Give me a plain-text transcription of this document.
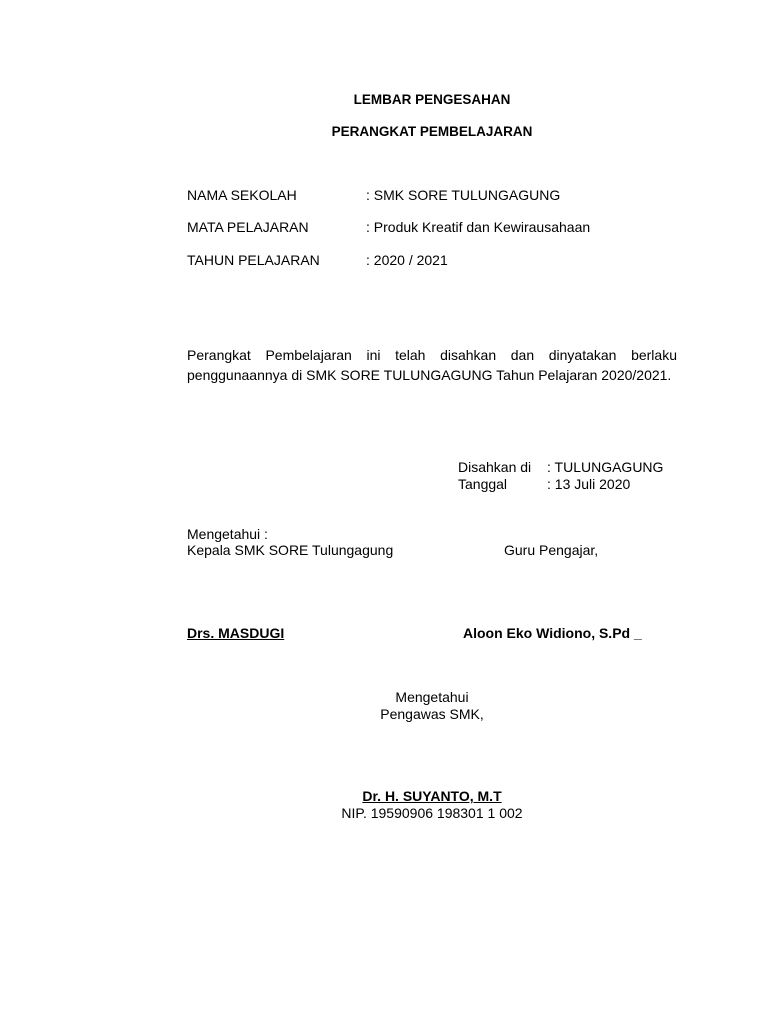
LEMBAR PENGESAHAN
PERANGKAT PEMBELAJARAN
NAMA SEKOLAH	: SMK SORE TULUNGAGUNG
MATA PELAJARAN	: Produk Kreatif dan Kewirausahaan
TAHUN PELAJARAN	: 2020 / 2021
Perangkat Pembelajaran ini telah disahkan dan dinyatakan berlaku penggunaannya di SMK SORE TULUNGAGUNG Tahun Pelajaran 2020/2021.
Disahkan di : TULUNGAGUNG
Tanggal	: 13 Juli 2020
Mengetahui :
Kepala SMK SORE Tulungagung	Guru Pengajar,
Drs. MASDUGI	Aloon Eko Widiono, S.Pd _
Mengetahui
Pengawas SMK,
Dr. H. SUYANTO, M.T
NIP. 19590906 198301 1 002
